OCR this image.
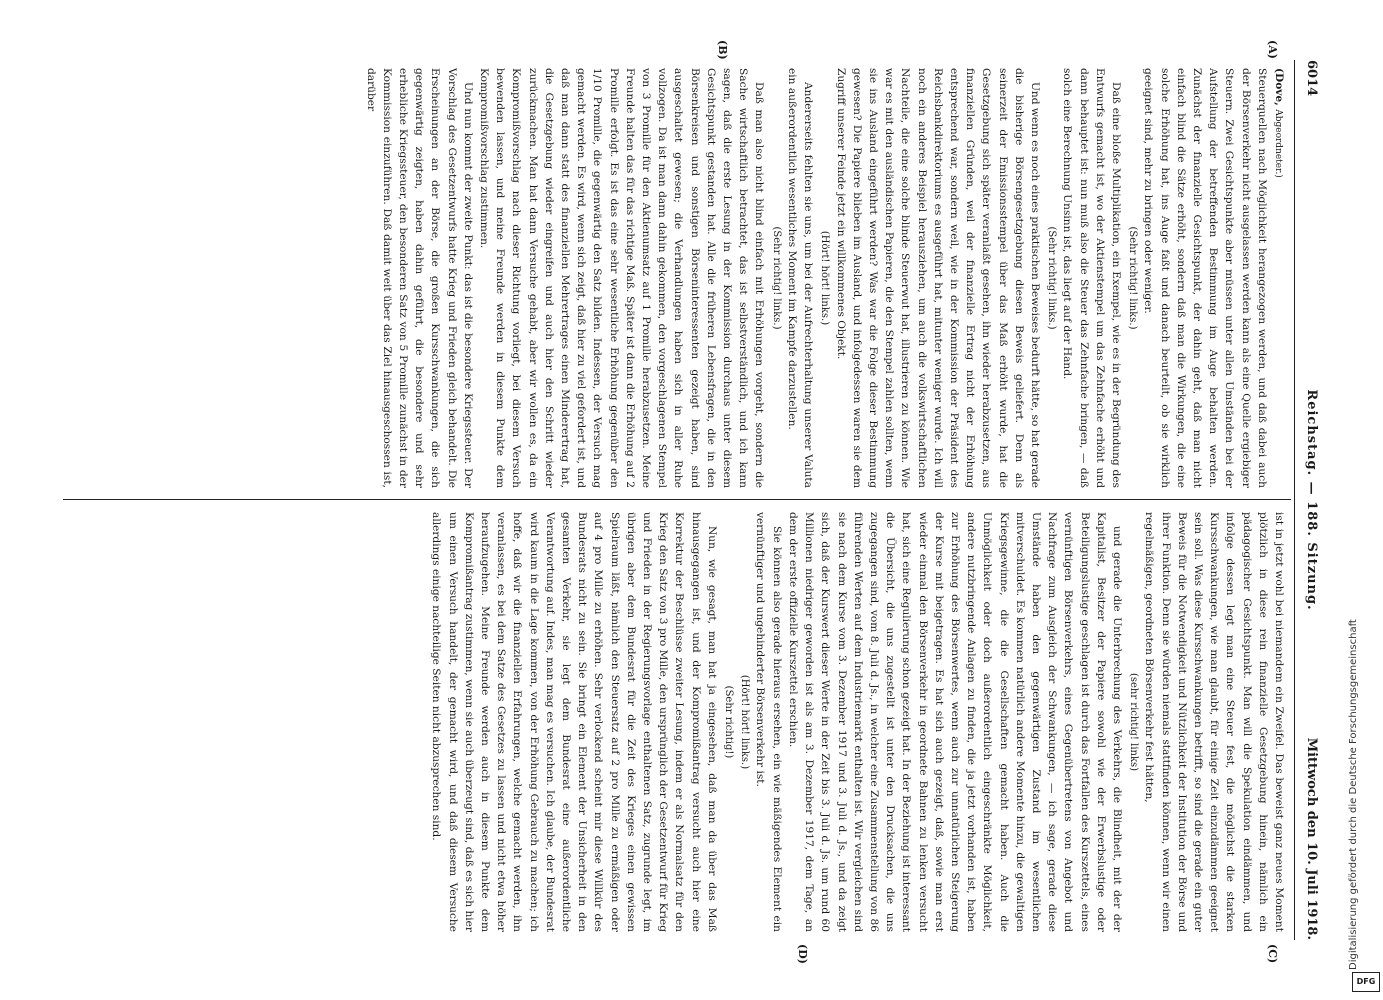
6014
Reichstag. — 188. Sitzung.
Mittwoch den 10. Juli 1918.
(A)
(B)
(C)
(D)

(Dove, Abgeordneter.)

Steuerquellen nach Möglichkeit herangezogen werden, und daß dabei auch der Börsenverkehr nicht ausgelassen werden kann als eine Quelle ergiebiger Steuern. Zwei Gesichtspunkte aber müssen unter allen Umständen bei der Aufstellung der betreffenden Bestimmung im Auge behalten werden. Zunächst der finanzielle Gesichtspunkt, der dahin geht, daß man nicht einfach blind die Sätze erhöht, sondern daß man die Wirkungen, die eine solche Erhöhung hat, ins Auge faßt und danach beurteilt, ob sie wirklich geeignet sind, mehr zu bringen oder weniger.

(Sehr richtig! links.)

Daß eine bloße Multiplikation, ein Exempel, wie es in der Begründung des Entwurfs gemacht ist, wo der Aktienstempel um das Zehnfache erhöht und dann behauptet ist: nun muß also die Steuer das Zehnfache bringen, — daß solch eine Berechnung Unsinn ist, das liegt auf der Hand.

(Sehr richtig! links.)

Und wenn es noch eines praktischen Beweises bedurft hätte, so hat gerade die bisherige Börsengesetzgebung diesen Beweis geliefert. Denn als seinerzeit der Emissionsstempel über das Maß erhöht wurde, hat die Gesetzgebung sich später veranlaßt gesehen, ihn wieder herabzusetzen, aus finanziellen Gründen, weil der finanzielle Ertrag nicht der Erhöhung entsprechend war, sondern weil, wie in der Kommission der Präsident des Reichsbankdirektoriums es ausgeführt hat, mitunter weniger wurde. Ich will noch ein anderes Beispiel herausziehen, um auch die volkswirtschaftlichen Nachteile, die eine solche blinde Steuerwut hat, illustrieren zu können. Wie war es mit den ausländischen Papieren, die den Stempel zahlen sollten, wenn sie ins Ausland eingeführt werden? Was war die Folge dieser Bestimmung gewesen? Die Papiere blieben im Ausland, und infolgedessen waren sie dem Zugriff unserer Feinde jetzt ein willkommenes Objekt.

(Hört! hört! links.)

Andererseits fehlten sie uns, um bei der Aufrechterhaltung unserer Valuta ein außerordentlich wesentliches Moment im Kampfe darzustellen.

(Sehr richtig! links.)

Daß man also nicht blind einfach mit Erhöhungen vorgeht, sondern die Sache wirtschaftlich betrachtet, das ist selbstverständlich, und ich kann sagen, daß die erste Lesung in der Kommission durchaus unter diesem Gesichtspunkt gestanden hat. Alle die früheren Lebensfragen, die in den Börsenkreisen und sonstigen Börseninteressenten gezeigt haben, sind ausgeschaltet gewesen; die Verhandlungen haben sich in aller Ruhe vollzogen. Da ist man dann dahin gekommen, den vorgeschlagenen Stempel von 3 Promille für den Aktienumsatz auf 1 Promille herabzusetzen. Meine Freunde halten das für das richtige Maß. Später ist dann die Erhöhung auf 2 Promille erfolgt. Es ist das eine sehr wesentliche Erhöhung gegenüber den 1/10 Promille, die gegenwärtig den Satz bilden. Indessen, der Versuch mag gemacht werden. Es wird, wenn sich zeigt, daß hier zu viel gefordert ist, und daß man dann statt des finanziellen Mehrertrages einen Minderertrag hat, die Gesetzgebung wieder eingreifen und auch hier den Schritt wieder zurückmachen. Man hat dann Versuche gehabt, aber wir wollen es, da ein Kompromißvorschlag nach dieser Richtung vorliegt, bei diesem Versuch bewenden lassen, und meine Freunde werden in diesem Punkte dem Kompromißvorschlag zustimmen.

Und nun kommt der zweite Punkt: das ist die besondere Kriegssteuer. Der Vorschlag des Gesetzentwurfs hatte Krieg und Frieden gleich behandelt. Die Erscheinungen an der Börse, die großen Kursschwankungen, die sich gegenwärtig zeigten, haben dahin geführt, die besondere und sehr erhebliche Kriegssteuer, den besonderen Satz von 5 Promille zunächst in der Kommission einzuführen. Daß damit weit über das Ziel hinausgeschossen ist, darüber

ist in jetzt wohl bei niemandem ein Zweifel. Das beweist ganz neues Moment plötzlich in diese rein finanzielle Gesetzgebung hinein, nämlich ein pädagogischer Gesichtspunkt. Man will die Spekulation eindämmen, und infolge dessen legt man eine Steuer fest, die möglichst die starken Kursschwankungen, wie man glaubt, für einige Zeit einzudämmen geeignet sein soll. Was diese Kursschwankungen betrifft, so sind die gerade ein guter Beweis für die Notwendigkeit und Nützlichkeit der Institution der Börse und ihrer Funktion. Denn sie würden niemals stattfinden können, wenn wir einen regelmäßigen, geordneten Börsenverkehr fest hätten,

(sehr richtig! links)

und gerade die Unterbrechung des Verkehrs, die Blindheit, mit der der Kapitalist, Besitzer der Papiere sowohl wie der Erwerbslustige oder Beteiligungslustige geschlagen ist durch das Fortfallen des Kurszettels, eines vernünftigen Börsenverkehrs, eines Gegenübertretens von Angebot und Nachfrage zum Ausgleich der Schwankungen, — ich sage, gerade diese Umstände haben den gegenwärtigen Zustand im wesentlichen mitverschuldet. Es kommen natürlich andere Momente hinzu, die gewaltigen Kriegsgewinne, die die Gesellschaften gemacht haben. Auch die Unmöglichkeit oder doch außerordentlich eingeschränkte Möglichkeit, andere nutzbringende Anlagen zu finden, die ja jetzt vorhanden ist, haben zur Erhöhung des Börsenwertes, wenn auch zur unnatürlichen Steigerung der Kurse mit beigetragen. Es hat sich auch gezeigt, daß, sowie man erst wieder einmal den Börsenverkehr in geordnete Bahnen zu lenken versucht hat, sich eine Regulierung schon gezeigt hat. In der Beziehung ist interessant die Übersicht, die uns zugestellt ist unter den Drucksachen, die uns zugegangen sind, vom 8. Juli d. Js., in welcher eine Zusammenstellung von 86 führenden Werten auf dem Industriemarkt enthalten ist. Wir vergleichen sind sie nach dem Kurse vom 3. Dezember 1917 und 3. Juli d. Js., und da zeigt sich, daß der Kurswert dieser Werte in der Zeit bis 3. Juli d. Js. um rund 60 Millionen niedriger geworden ist als am 3. Dezember 1917, dem Tage, an dem der erste offizielle Kurszettel erschien.

Sie können also gerade hieraus ersehen, ein wie mäßigendes Element ein vernünftiger und ungehinderter Börsenverkehr ist.

(Hört! hört! links.)

(Sehr richtig!)

Nun, wie gesagt, man hat ja eingesehen, daß man da über das Maß hinausgegangen ist, und der Kompromißantrag versucht auch hier eine Korrektur der Beschlüsse zweiter Lesung, indem er als Normalsatz für den Krieg den Satz von 3 pro Mille, den ursprünglich der Gesetzentwurf für Krieg und Frieden in der Regierungsvorlage enthaltenen Satz, zugrunde legt, im übrigen aber dem Bundesrat für die Zeit des Krieges einen gewissen Spielraum läßt, nämlich den Steuersatz auf 2 pro Mille zu ermäßigen oder auf 4 pro Mille zu erhöhen. Sehr verlockend scheint mir diese Willkür des Bundesrats nicht zu sein. Sie bringt ein Element der Unsicherheit in den gesamten Verkehr, sie legt dem Bundesrat eine außerordentliche Verantwortung auf. Indes, man mag es versuchen. Ich glaube, der Bundesrat wird kaum in die Lage kommen, von der Erhöhung Gebrauch zu machen; ich hoffe, daß wir die finanziellen Erfahrungen, welche gemacht werden, ihn veranlassen, es bei dem Satze des Gesetzes zu lassen und nicht etwa höher heraufzugehen. Meine Freunde werden auch in diesem Punkte dem Kompromißantrag zustimmen, wenn sie auch überzeugt sind, daß es sich hier um einen Versuch handelt, der gemacht wird, und daß diesem Versuche allerdings einige nachteilige Seiten nicht abzusprechen sind.	Digitalisierung gefördert durch die Deutsche Forschungsgemeinschaft
DFG
